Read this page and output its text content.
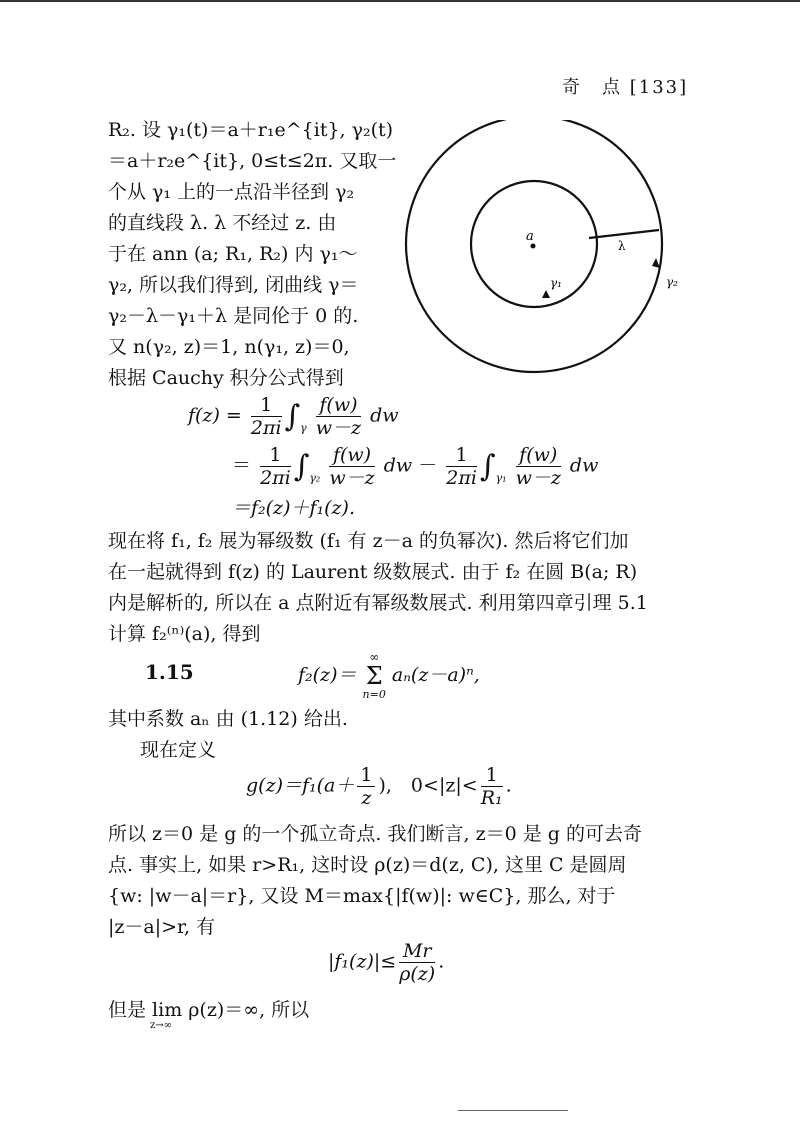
奇　点 [133]
a
λ
γ₁	γ₂
R₂. 设 γ₁(t)＝a＋r₁e^{it}, γ₂(t)
＝a＋r₂e^{it}, 0≤t≤2π. 又取一
个从 γ₁ 上的一点沿半径到 γ₂
的直线段 λ. λ 不经过 z. 由
于在 ann (a; R₁, R₂) 内 γ₁～
γ₂, 所以我们得到, 闭曲线 γ＝
γ₂－λ－γ₁＋λ 是同伦于 0 的.
又 n(γ₂, z)＝1, n(γ₁, z)＝0,
根据 Cauchy 积分公式得到
$f(z) = \frac{1}{2\pi i} \int_\gamma \frac{f(w)}{w-z}$ dw
＝ $\frac{1}{2\pi i} \int_{\gamma_2} \frac{f(w)}{w-z}$ dw － $\frac{1}{2\pi i} \int_{\gamma_1} \frac{f(w)}{w-z}$ dw
＝f₂(z)＋f₁(z).
现在将 f₁, f₂ 展为幂级数 (f₁ 有 z－a 的负幂次). 然后将它们加
在一起就得到 f(z) 的 Laurent 级数展式. 由于 f₂ 在圆 B(a; R)
内是解析的, 所以在 a 点附近有幂级数展式. 利用第四章引理 5.1
计算 f₂⁽ⁿ⁾(a), 得到
1.15	f₂(z)＝
∞
Σ
n=0
aₙ(z－a)ⁿ,
其中系数 aₙ 由 (1.12) 给出.
现在定义
$g(z)=f_1(a+ \frac{1}{z}$ ),　$0<|z|< \frac{1}{\text{R₁}}$ .
所以 z＝0 是 g 的一个孤立奇点. 我们断言, z＝0 是 g 的可去奇
点. 事实上, 如果 r>R₁, 这时设 ρ(z)＝d(z, C), 这里 C 是圆周
{w: |w－a|＝r}, 又设 M＝max{|f(w)|: w∈C}, 那么, 对于
|z－a|>r, 有
$|f_1(z)|\le \frac{Mr}{\rho(z)}$ .
但是 lim ρ(z)＝∞, 所以
z→∞
